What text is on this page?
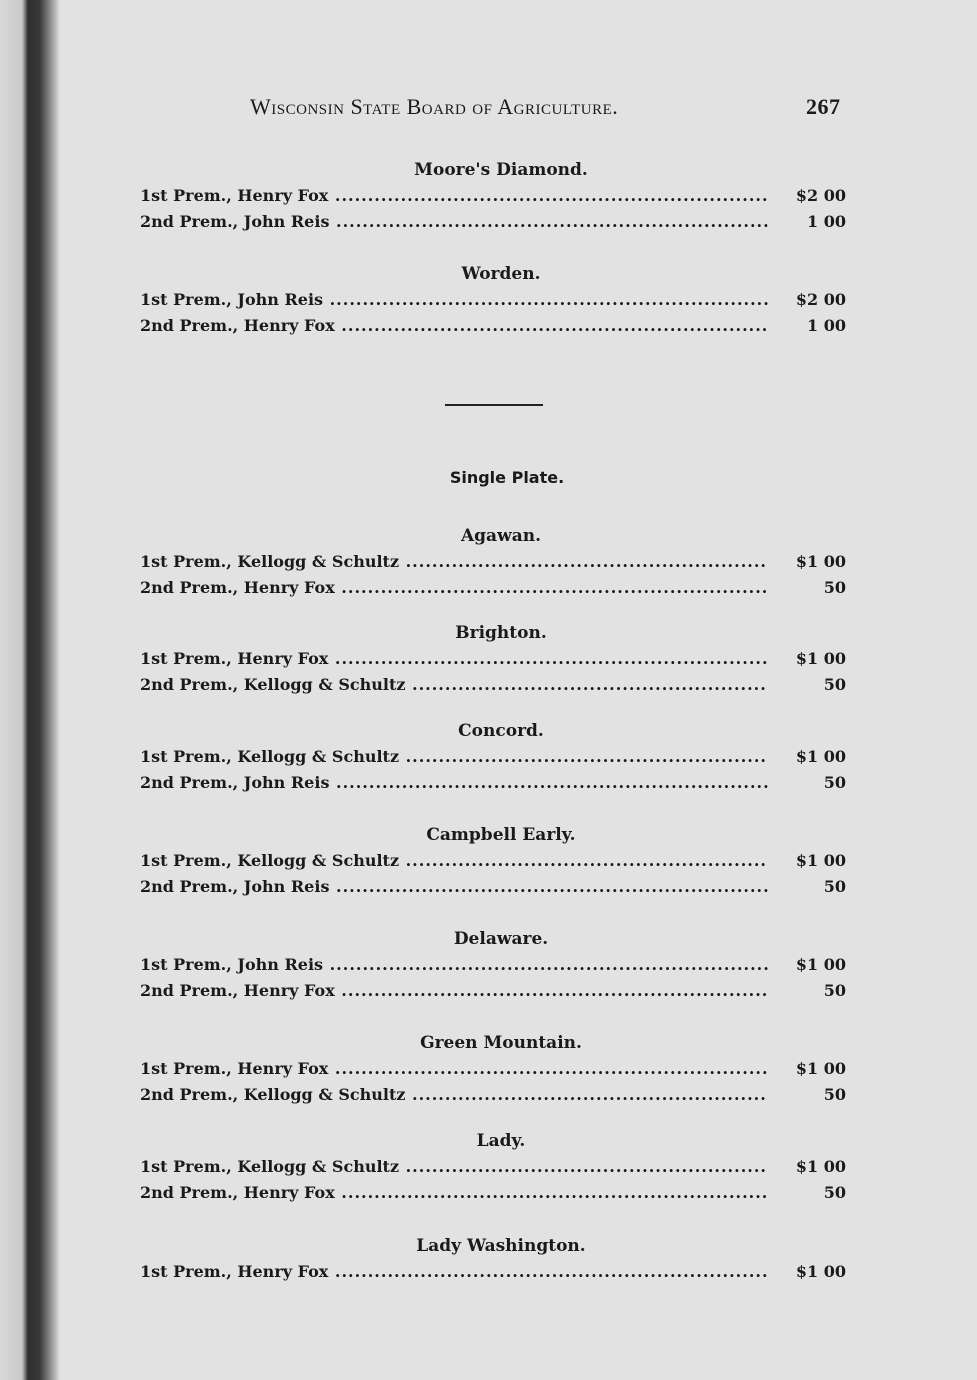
Wisconsin State Board of Agriculture.	267
Moore's Diamond.
1st Prem., Henry Fox .....	$2 00
2nd Prem., John Reis .....	1 00
Worden.
1st Prem., John Reis .....	$2 00
2nd Prem., Henry Fox .....	1 00
Single Plate.
Agawan.
1st Prem., Kellogg & Schultz .....	$1 00
2nd Prem., Henry Fox .....	50
Brighton.
1st Prem., Henry Fox .....	$1 00
2nd Prem., Kellogg & Schultz .....	50
Concord.
1st Prem., Kellogg & Schultz .....	$1 00
2nd Prem., John Reis .....	50
Campbell Early.
1st Prem., Kellogg & Schultz .....	$1 00
2nd Prem., John Reis .....	50
Delaware.
1st Prem., John Reis .....	$1 00
2nd Prem., Henry Fox .....	50
Green Mountain.
1st Prem., Henry Fox .....	$1 00
2nd Prem., Kellogg & Schultz .....	50
Lady.
1st Prem., Kellogg & Schultz .....	$1 00
2nd Prem., Henry Fox .....	50
Lady Washington.
1st Prem., Henry Fox .....	$1 00
